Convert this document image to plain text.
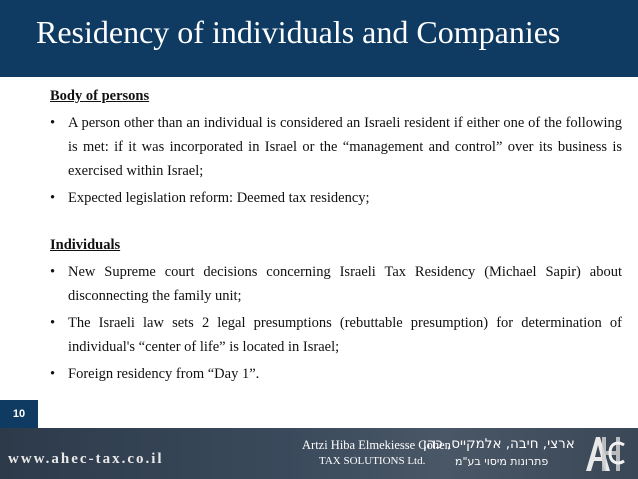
Residency of individuals and Companies

Body of persons

• A person other than an individual is considered an Israeli resident if either one of the following is met: if it was incorporated in Israel or the “management and control” over its business is exercised within Israel;
• Expected legislation reform: Deemed tax residency;

Individuals

• New Supreme court decisions concerning Israeli Tax Residency (Michael Sapir) about disconnecting the family unit;
• The Israeli law sets 2 legal presumptions (rebuttable presumption) for determination of individual's “center of life” is located in Israel;
• Foreign residency from “Day 1”.
10
www.ahec-tax.co.il
Artzi Hiba Elmekiesse Cohen
TAX SOLUTIONS Ltd.
ארצי, חיבה, אלמקייס, כהן
פתרונות מיסוי בע"מ
